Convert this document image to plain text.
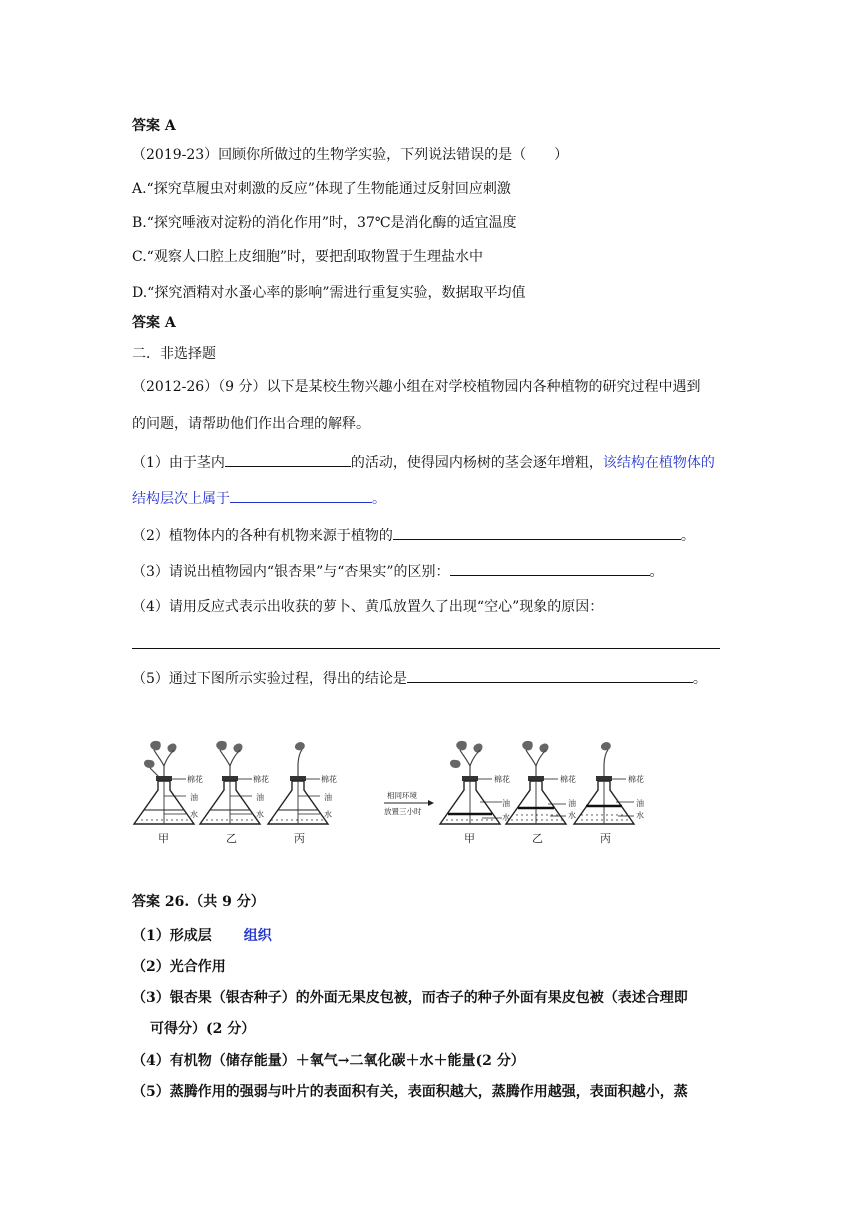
答案 A
（2019-23）回顾你所做过的生物学实验，下列说法错误的是（　　）
A.“探究草履虫对刺激的反应”体现了生物能通过反射回应刺激
B.“探究唾液对淀粉的消化作用”时，37℃是消化酶的适宜温度
C.“观察人口腔上皮细胞”时，要把刮取物置于生理盐水中
D.“探究酒精对水蚤心率的影响”需进行重复实验，数据取平均值
答案 A
二．非选择题
（2012-26）（9 分）以下是某校生物兴趣小组在对学校植物园内各种植物的研究过程中遇到
的问题，请帮助他们作出合理的解释。
（1）由于茎内	的活动，使得园内杨树的茎会逐年增粗，该结构在植物体的
结构层次上属于	。
（2）植物体内的各种有机物来源于植物的	。
（3）请说出植物园内“银杏果”与“杏果实”的区别：	。
（4）请用反应式表示出收获的萝卜、黄瓜放置久了出现“空心”现象的原因：
（5）通过下图所示实验过程，得出的结论是	。
棉花
油
水
棉花
油
水
棉花
油
水
甲	乙	丙
相同环境
放置三小时
棉花
油
水
棉花
油
水
棉花
油
水
甲	乙	丙
答案 26.（共 9 分）
（1）形成层 组织
（2）光合作用
（3）银杏果（银杏种子）的外面无果皮包被，而杏子的种子外面有果皮包被（表述合理即
可得分）(2 分）
（4）有机物（储存能量）＋氧气→二氧化碳＋水＋能量(2 分）
（5）蒸腾作用的强弱与叶片的表面积有关，表面积越大，蒸腾作用越强，表面积越小，蒸
